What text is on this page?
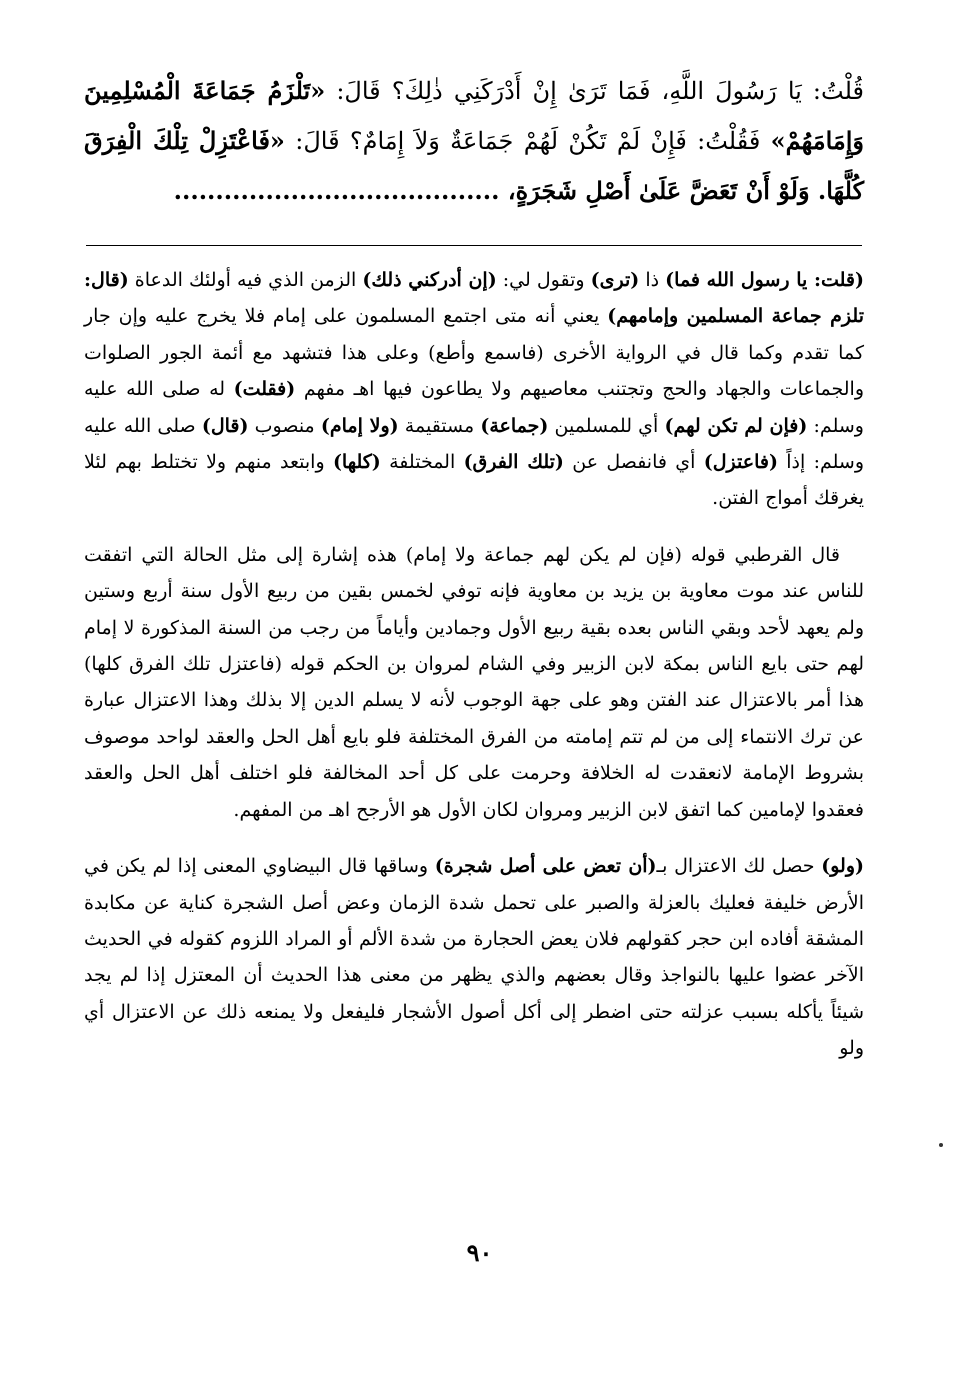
قُلْتُ: يَا رَسُولَ اللَّهِ، فَمَا تَرَىٰ إِنْ أَدْرَكَنِي ذٰلِكَ؟ قَالَ: «تَلْزَمُ جَمَاعَةَ الْمُسْلِمِينَ وَإِمَامَهُمْ» فَقُلْتُ: فَإِنْ لَمْ تَكُنْ لَهُمْ جَمَاعَةٌ وَلاَ إِمَامٌ؟ قَالَ: «فَاعْتَزِلْ تِلْكَ الْفِرَقَ كُلَّهَا. وَلَوْ أَنْ تَعَضَّ عَلَىٰ أَصْلِ شَجَرَةٍ، .......................................

(قلت: يا رسول الله فما) ذا (ترى) وتقول لي: (إن أدركني ذلك) الزمن الذي فيه أولئك الدعاة (قال: تلزم جماعة المسلمين وإمامهم) يعني أنه متى اجتمع المسلمون على إمام فلا يخرج عليه وإن جار كما تقدم وكما قال في الرواية الأخرى (فاسمع وأطع) وعلى هذا فتشهد مع أئمة الجور الصلوات والجماعات والجهاد والحج وتجتنب معاصيهم ولا يطاعون فيها اهـ مفهم (فقلت) له صلى الله عليه وسلم: (فإن لم تكن لهم) أي للمسلمين (جماعة) مستقيمة (ولا إمام) منصوب (قال) صلى الله عليه وسلم: إذاً (فاعتزل) أي فانفصل عن (تلك الفرق) المختلفة (كلها) وابتعد منهم ولا تختلط بهم لئلا يغرقك أمواج الفتن.

قال القرطبي قوله (فإن لم يكن لهم جماعة ولا إمام) هذه إشارة إلى مثل الحالة التي اتفقت للناس عند موت معاوية بن يزيد بن معاوية فإنه توفي لخمس بقين من ربيع الأول سنة أربع وستين ولم يعهد لأحد وبقي الناس بعده بقية ربيع الأول وجمادين وأياماً من رجب من السنة المذكورة لا إمام لهم حتى بايع الناس بمكة لابن الزبير وفي الشام لمروان بن الحكم قوله (فاعتزل تلك الفرق كلها) هذا أمر بالاعتزال عند الفتن وهو على جهة الوجوب لأنه لا يسلم الدين إلا بذلك وهذا الاعتزال عبارة عن ترك الانتماء إلى من لم تتم إمامته من الفرق المختلفة فلو بايع أهل الحل والعقد لواحد موصوف بشروط الإمامة لانعقدت له الخلافة وحرمت على كل أحد المخالفة فلو اختلف أهل الحل والعقد فعقدوا لإمامين كما اتفق لابن الزبير ومروان لكان الأول هو الأرجح اهـ من المفهم.

(ولو) حصل لك الاعتزال بـ(أن تعض على أصل شجرة) وساقها قال البيضاوي المعنى إذا لم يكن في الأرض خليفة فعليك بالعزلة والصبر على تحمل شدة الزمان وعض أصل الشجرة كناية عن مكابدة المشقة أفاده ابن حجر كقولهم فلان يعض الحجارة من شدة الألم أو المراد اللزوم كقوله في الحديث الآخر عضوا عليها بالنواجذ وقال بعضهم والذي يظهر من معنى هذا الحديث أن المعتزل إذا لم يجد شيئاً يأكله بسبب عزلته حتى اضطر إلى أكل أصول الأشجار فليفعل ولا يمنعه ذلك عن الاعتزال أي ولو

٩٠
